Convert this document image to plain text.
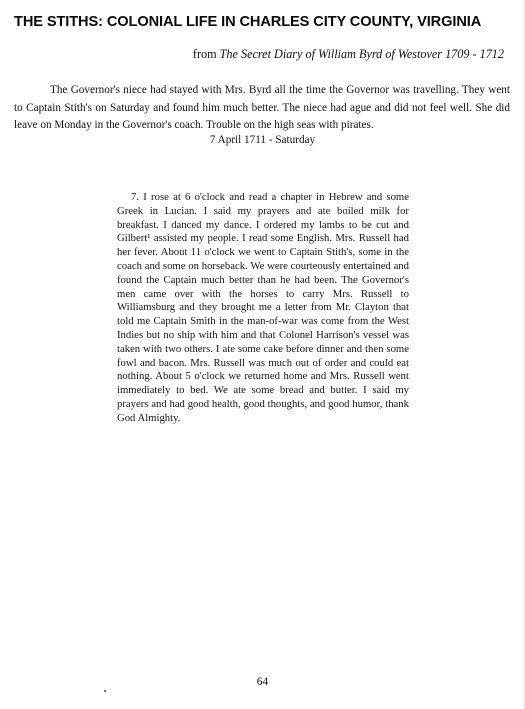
THE STITHS: COLONIAL LIFE IN CHARLES CITY COUNTY, VIRGINIA
from The Secret Diary of William Byrd of Westover 1709 - 1712
The Governor's niece had stayed with Mrs. Byrd all the time the Governor was travelling. They went to Captain Stith's on Saturday and found him much better. The niece had ague and did not feel well. She did leave on Monday in the Governor's coach. Trouble on the high seas with pirates.
7 April 1711 - Saturday
7. I rose at 6 o'clock and read a chapter in Hebrew and some Greek in Lucian. I said my prayers and ate boiled milk for breakfast. I danced my dance. I ordered my lambs to be cut and Gilbert¹ assisted my people. I read some English. Mrs. Russell had her fever. About 11 o'clock we went to Captain Stith's, some in the coach and some on horseback. We were courteously entertained and found the Captain much better than he had been. The Governor's men came over with the horses to carry Mrs. Russell to Williamsburg and they brought me a letter from Mr. Clayton that told me Captain Smith in the man-of-war was come from the West Indies but no ship with him and that Colonel Harrison's vessel was taken with two others. I ate some cake before dinner and then some fowl and bacon. Mrs. Russell was much out of order and could eat nothing. About 5 o'clock we returned home and Mrs. Russell went immediately to bed. We ate some bread and butter. I said my prayers and had good health, good thoughts, and good humor, thank God Almighty.
64
